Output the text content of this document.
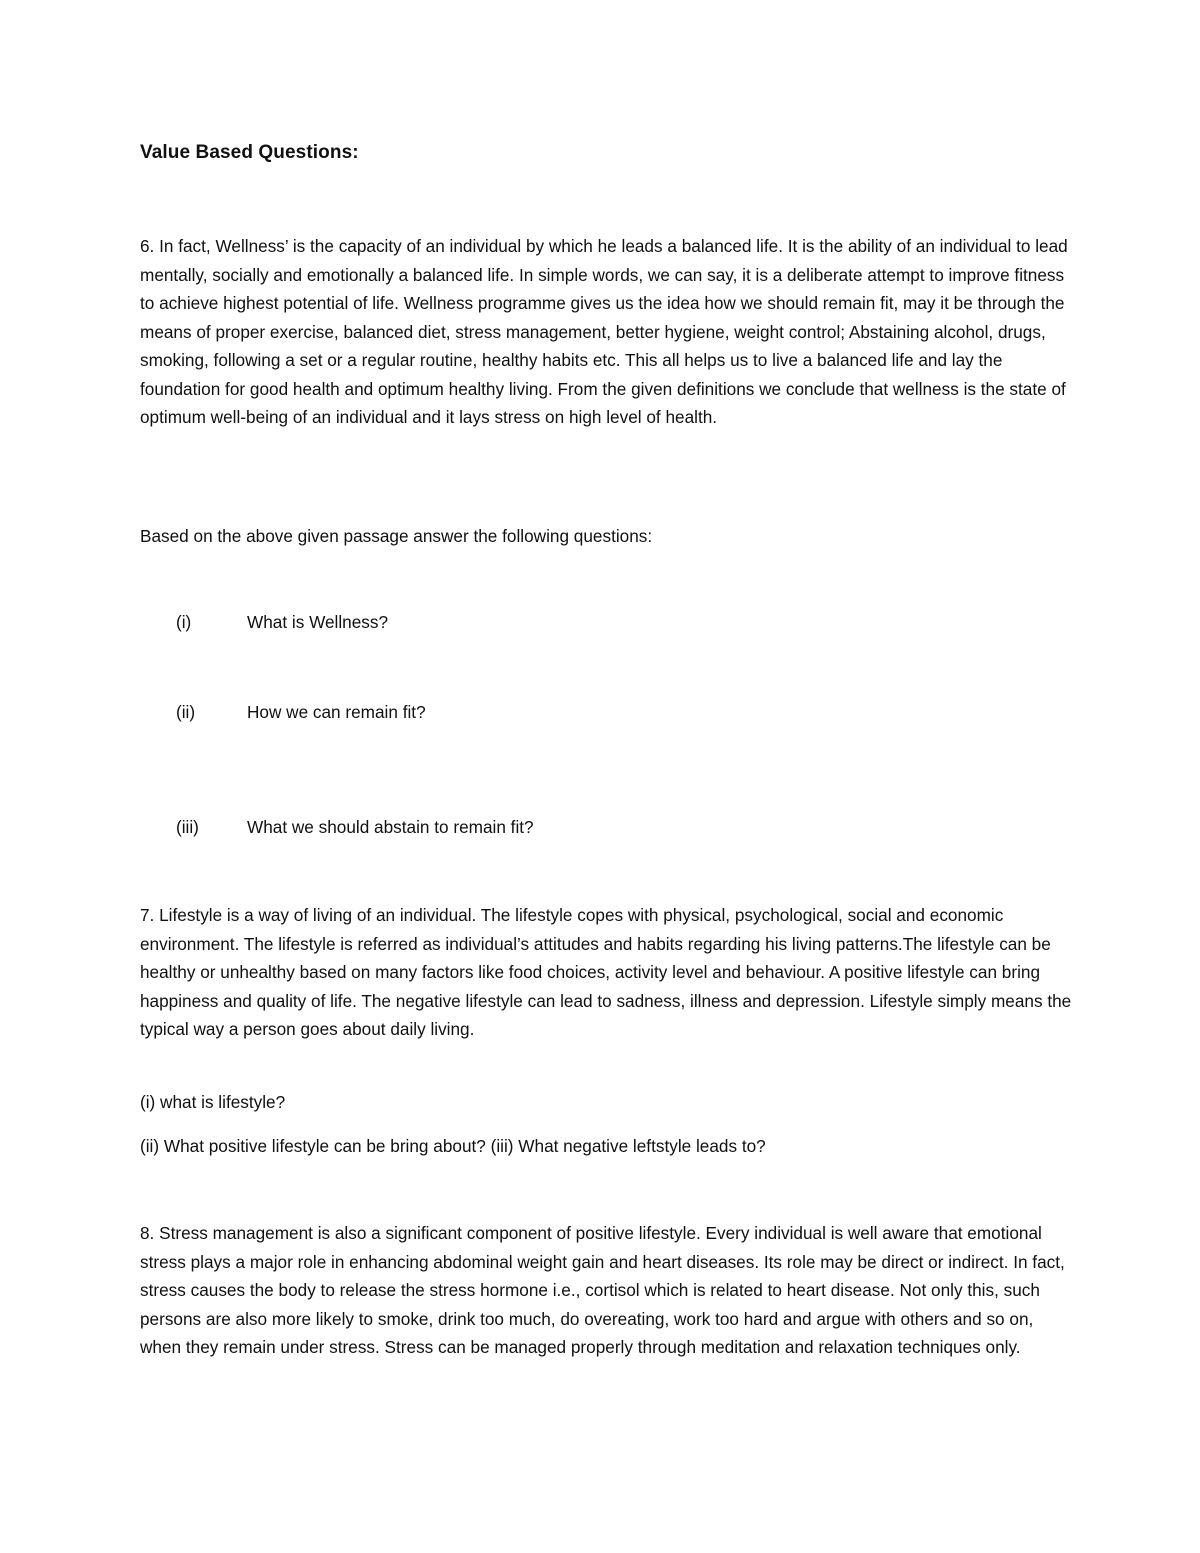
Value Based Questions:

6. In fact, Wellness’ is the capacity of an individual by which he leads a balanced life. It is the ability of an individual to lead mentally, socially and emotionally a balanced life. In simple words, we can say, it is a deliberate attempt to improve fitness to achieve highest potential of life. Wellness programme gives us the idea how we should remain fit, may it be through the means of proper exercise, balanced diet, stress management, better hygiene, weight control; Abstaining alcohol, drugs, smoking, following a set or a regular routine, healthy habits etc. This all helps us to live a balanced life and lay the foundation for good health and optimum healthy living. From the given definitions we conclude that wellness is the state of optimum well-being of an individual and it lays stress on high level of health.

Based on the above given passage answer the following questions:

(i)	What is Wellness?
(ii)	How we can remain fit?
(iii)	What we should abstain to remain fit?

7. Lifestyle is a way of living of an individual. The lifestyle copes with physical, psychological, social and economic environment. The lifestyle is referred as individual’s attitudes and habits regarding his living patterns.The lifestyle can be healthy or unhealthy based on many factors like food choices, activity level and behaviour. A positive lifestyle can bring happiness and quality of life. The negative lifestyle can lead to sadness, illness and depression. Lifestyle simply means the typical way a person goes about daily living.

(i) what is lifestyle?

(ii) What positive lifestyle can be bring about? (iii) What negative leftstyle leads to?

8. Stress management is also a significant component of positive lifestyle. Every individual is well aware that emotional stress plays a major role in enhancing abdominal weight gain and heart diseases. Its role may be direct or indirect. In fact, stress causes the body to release the stress hormone i.e., cortisol which is related to heart disease. Not only this, such persons are also more likely to smoke, drink too much, do overeating, work too hard and argue with others and so on, when they remain under stress. Stress can be managed properly through meditation and relaxation techniques only.
